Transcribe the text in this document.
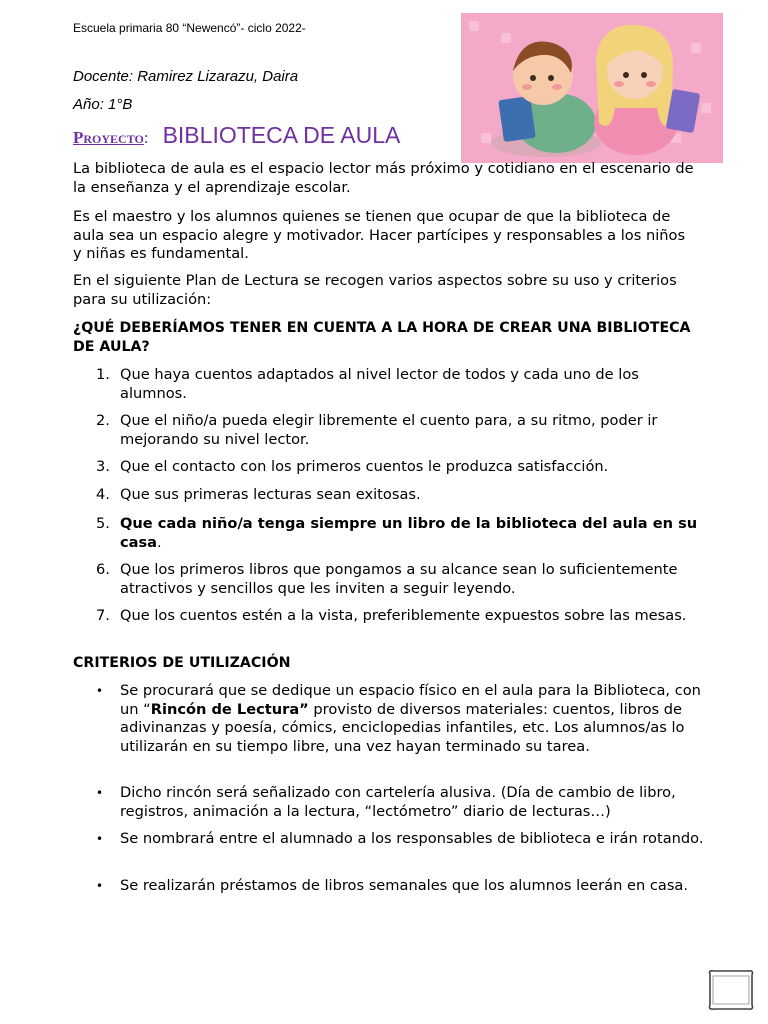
Escuela primaria 80 “Newencó”- ciclo 2022-
Docente: Ramirez Lizarazu, Daira
Año: 1°B
Proyecto: BIBLIOTECA DE AULA
La biblioteca de aula es el espacio lector más próximo y cotidiano en el escenario de la enseñanza y el aprendizaje escolar.
Es el maestro y los alumnos quienes se tienen que ocupar de que la biblioteca de aula sea un espacio alegre y motivador. Hacer partícipes y responsables a los niños y niñas es fundamental.
En el siguiente Plan de Lectura se recogen varios aspectos sobre su uso y criterios para su utilización:
¿QUÉ DEBERÍAMOS TENER EN CUENTA A LA HORA DE CREAR UNA BIBLIOTECA DE AULA?
1. Que haya cuentos adaptados al nivel lector de todos y cada uno de los alumnos.
2. Que el niño/a pueda elegir libremente el cuento para, a su ritmo, poder ir mejorando su nivel lector.
3. Que el contacto con los primeros cuentos le produzca satisfacción.
4. Que sus primeras lecturas sean exitosas.
5. Que cada niño/a tenga siempre un libro de la biblioteca del aula en su casa.
6. Que los primeros libros que pongamos a su alcance sean lo suficientemente atractivos y sencillos que les inviten a seguir leyendo.
7. Que los cuentos estén a la vista, preferiblemente expuestos sobre las mesas.
CRITERIOS DE UTILIZACIÓN
•	Se procurará que se dedique un espacio físico en el aula para la Biblioteca, con un “Rincón de Lectura” provisto de diversos materiales: cuentos, libros de adivinanzas y poesía, cómics, enciclopedias infantiles, etc. Los alumnos/as lo utilizarán en su tiempo libre, una vez hayan terminado su tarea.
•	Dicho rincón será señalizado con cartelería alusiva. (Día de cambio de libro, registros, animación a la lectura, “lectómetro” diario de lecturas…)
•	Se nombrará entre el alumnado a los responsables de biblioteca e irán rotando.
•	Se realizarán préstamos de libros semanales que los alumnos leerán en casa.
